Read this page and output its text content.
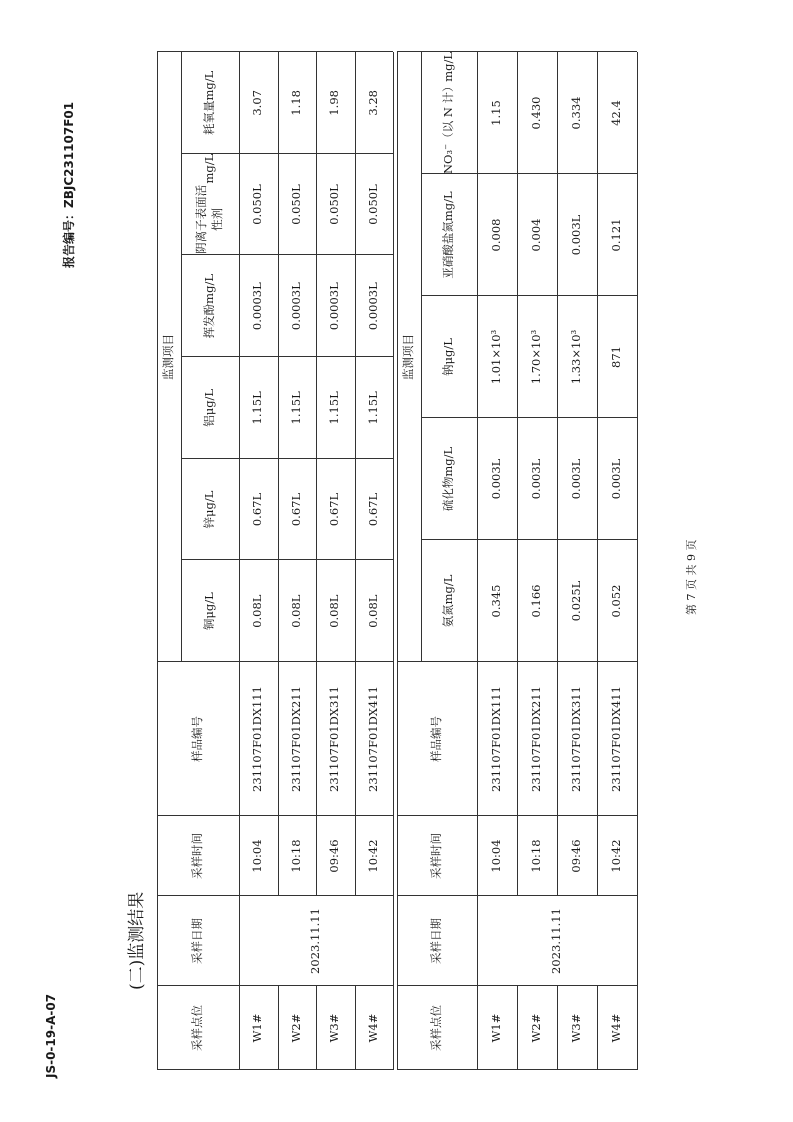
JS-0-19-A-07
报告编号：ZBJC231107F01
(二)监测结果
第 7 页 共 9 页
采样点位
采样日期
采样时间
样品编号
监测项目
铜
μg/L
锌
μg/L
铝
μg/L
挥发酚
mg/L
阴离子表面活性剂
mg/L
耗氧量
mg/L
2023.11.11
W1#
10:04
231107F01DX111
0.08L
0.67L
1.15L
0.0003L
0.050L
3.07
W2#
10:18
231107F01DX211
0.08L
0.67L
1.15L
0.0003L
0.050L
1.18
W3#
09:46
231107F01DX311
0.08L
0.67L
1.15L
0.0003L
0.050L
1.98
W4#
10:42
231107F01DX411
0.08L
0.67L
1.15L
0.0003L
0.050L
3.28
采样点位
采样日期
采样时间
样品编号
监测项目
氨氮
mg/L
硫化物
mg/L
钠
μg/L
亚硝酸盐氮
mg/L
NO₃⁻（以 N 计）
mg/L
2023.11.11
W1#
10:04
231107F01DX111
0.345
0.003L
1.01×10³
0.008
1.15
W2#
10:18
231107F01DX211
0.166
0.003L
1.70×10³
0.004
0.430
W3#
09:46
231107F01DX311
0.025L
0.003L
1.33×10³
0.003L
0.334
W4#
10:42
231107F01DX411
0.052
0.003L
871
0.121
42.4
